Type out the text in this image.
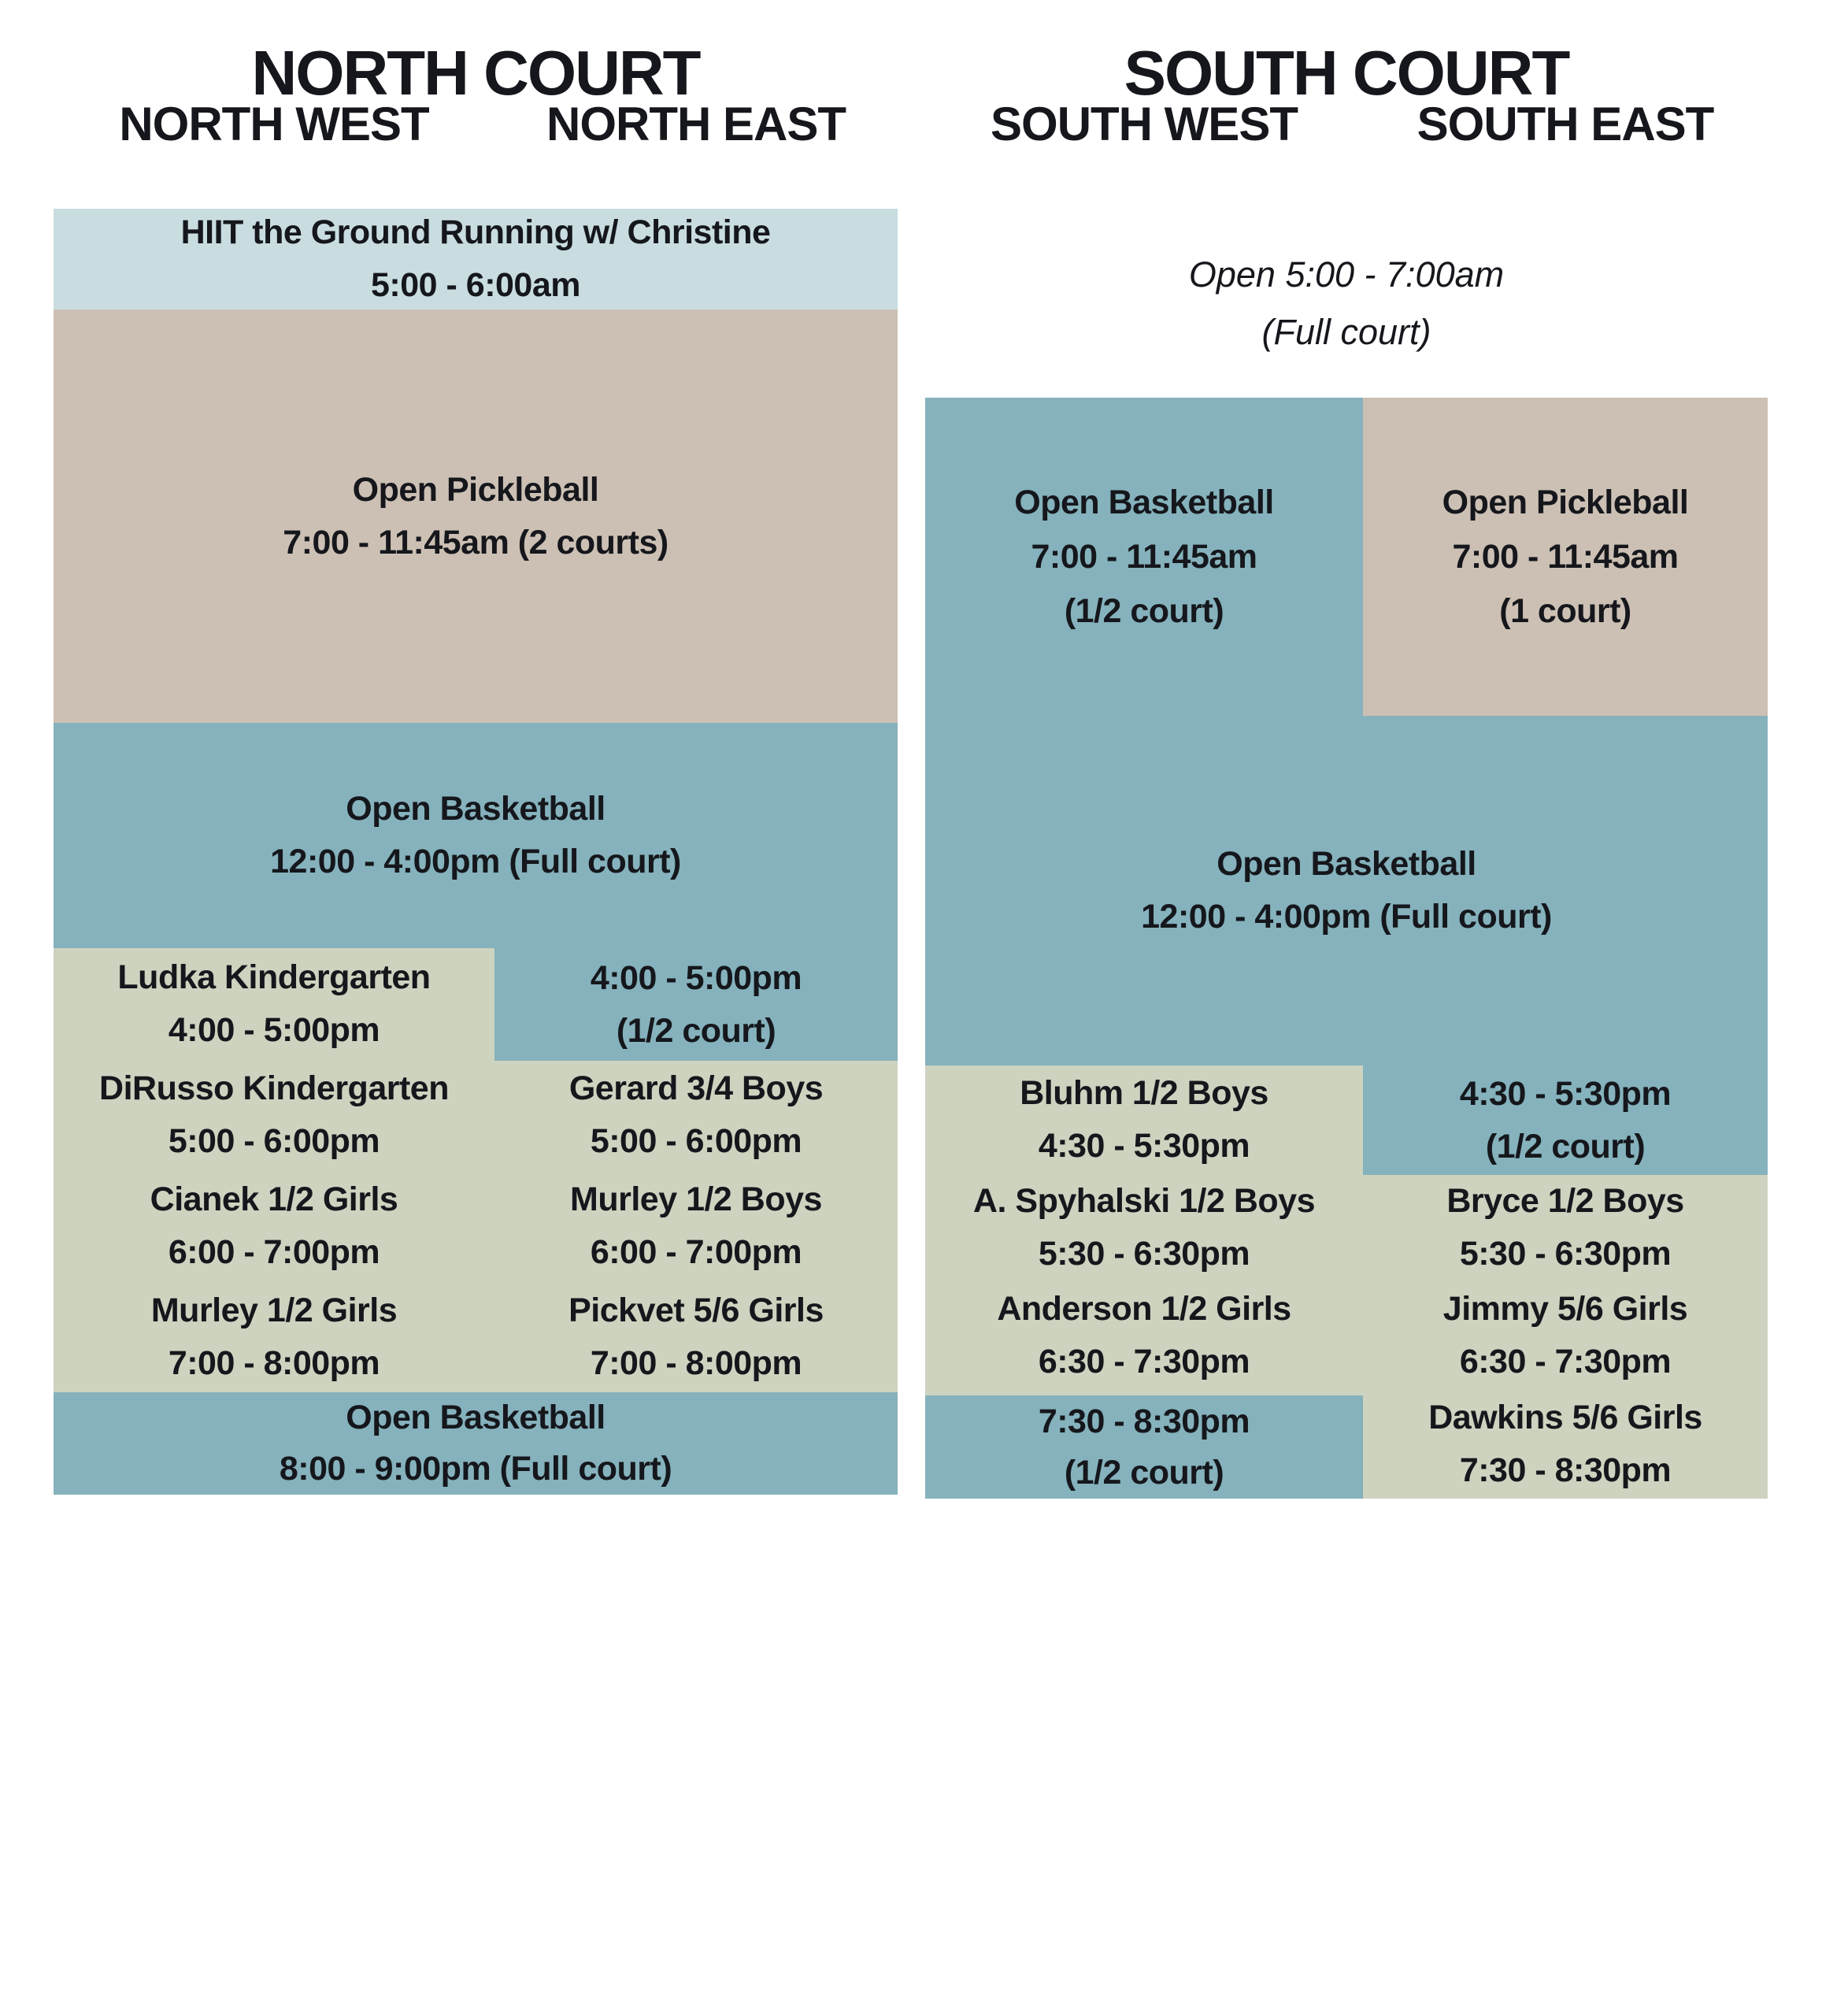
NORTH COURT
NORTH WEST	NORTH EAST
HIIT the Ground Running w/ Christine
5:00 - 6:00am
Open Pickleball
7:00 - 11:45am (2 courts)
Open Basketball
12:00 - 4:00pm (Full court)
4:00 - 5:00pm
(1/2 court)
Ludka Kindergarten
4:00 - 5:00pm
DiRusso Kindergarten
5:00 - 6:00pm
Cianek 1/2 Girls
6:00 - 7:00pm
Murley 1/2 Girls
7:00 - 8:00pm
Gerard 3/4 Boys
5:00 - 6:00pm
Murley 1/2 Boys
6:00 - 7:00pm
Pickvet 5/6 Girls
7:00 - 8:00pm
Open Basketball
8:00 - 9:00pm (Full court)
SOUTH COURT
SOUTH WEST	SOUTH EAST
Open 5:00 - 7:00am
(Full court)
Open Basketball
7:00 - 11:45am
(1/2 court)
Open Pickleball
7:00 - 11:45am
(1 court)
Open Basketball
12:00 - 4:00pm (Full court)
4:30 - 5:30pm
(1/2 court)
Bluhm 1/2 Boys
4:30 - 5:30pm
A. Spyhalski 1/2 Boys
5:30 - 6:30pm
Anderson 1/2 Girls
6:30 - 7:30pm
7:30 - 8:30pm
(1/2 court)
Bryce 1/2 Boys
5:30 - 6:30pm
Jimmy 5/6 Girls
6:30 - 7:30pm
Dawkins 5/6 Girls
7:30 - 8:30pm
